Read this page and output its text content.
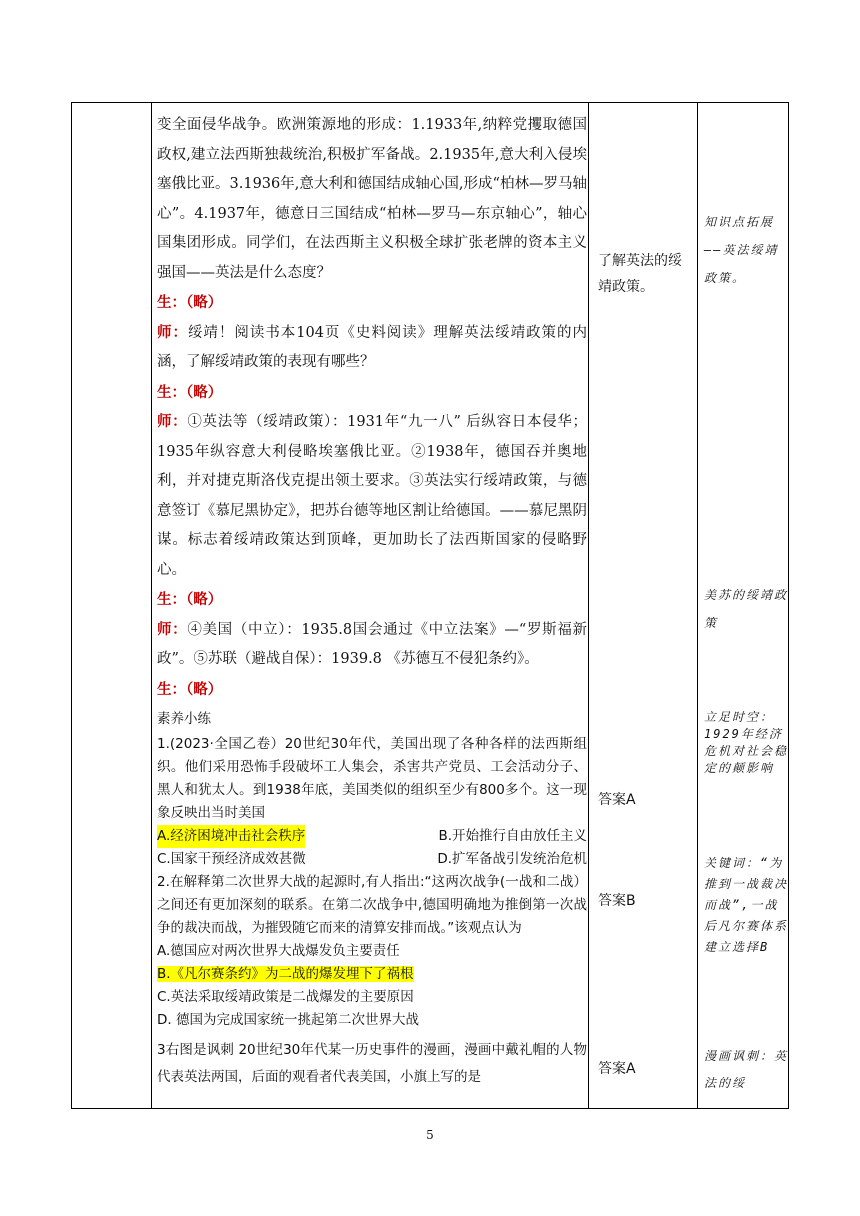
变全面侵华战争。欧洲策源地的形成：1.1933年,纳粹党攫取德国政权,建立法西斯独裁统治,积极扩军备战。2.1935年,意大利入侵埃塞俄比亚。3.1936年,意大利和德国结成轴心国,形成“柏林—罗马轴心”。4.1937年，德意日三国结成“柏林—罗马—东京轴心”，轴心国集团形成。同学们，在法西斯主义积极全球扩张老牌的资本主义强国——英法是什么态度？

生：（略）

师：绥靖！阅读书本104页《史料阅读》理解英法绥靖政策的内涵，了解绥靖政策的表现有哪些？

生：（略）

师：①英法等（绥靖政策）：1931年“九一八” 后纵容日本侵华；1935年纵容意大利侵略埃塞俄比亚。②1938年，德国吞并奥地利，并对捷克斯洛伐克提出领土要求。③英法实行绥靖政策，与德意签订《慕尼黑协定》，把苏台德等地区割让给德国。——慕尼黑阴谋。标志着绥靖政策达到顶峰，更加助长了法西斯国家的侵略野心。

生：（略）

师：④美国（中立）：1935.8国会通过《中立法案》—“罗斯福新政”。⑤苏联（避战自保）：1939.8 《苏德互不侵犯条约》。

生：（略）

素养小练

1.(2023·全国乙卷）20世纪30年代，美国出现了各种各样的法西斯组织。他们采用恐怖手段破坏工人集会，杀害共产党员、工会活动分子、黑人和犹太人。到1938年底，美国类似的组织至少有800多个。这一现象反映出当时美国

A.经济困境冲击社会秩序	B.开始推行自由放任主义
C.国家干预经济成效甚微	D.扩军备战引发统治危机

2.在解释第二次世界大战的起源时,有人指出:“这两次战争(一战和二战）之间还有更加深刻的联系。在第二次战争中,德国明确地为推倒第一次战争的裁决而战，为摧毁随它而来的清算安排而战。”该观点认为

A.德国应对两次世界大战爆发负主要责任

B.《凡尔赛条约》为二战的爆发埋下了祸根

C.英法采取绥靖政策是二战爆发的主要原因

D. 德国为完成国家统一挑起第二次世界大战

3右图是讽刺 20世纪30年代某一历史事件的漫画，漫画中戴礼帽的人物代表英法两国，后面的观看者代表美国，小旗上写的是

了解英法的绥靖政策。
答案A
答案B
答案A
知识点拓展——英法绥靖政策。
美苏的绥靖政策
立足时空：1929年经济危机对社会稳定的颠影响
关键词：“为推到一战裁决而战”,一战后凡尔赛体系建立选择B
漫画讽刺：英法的绥
5
